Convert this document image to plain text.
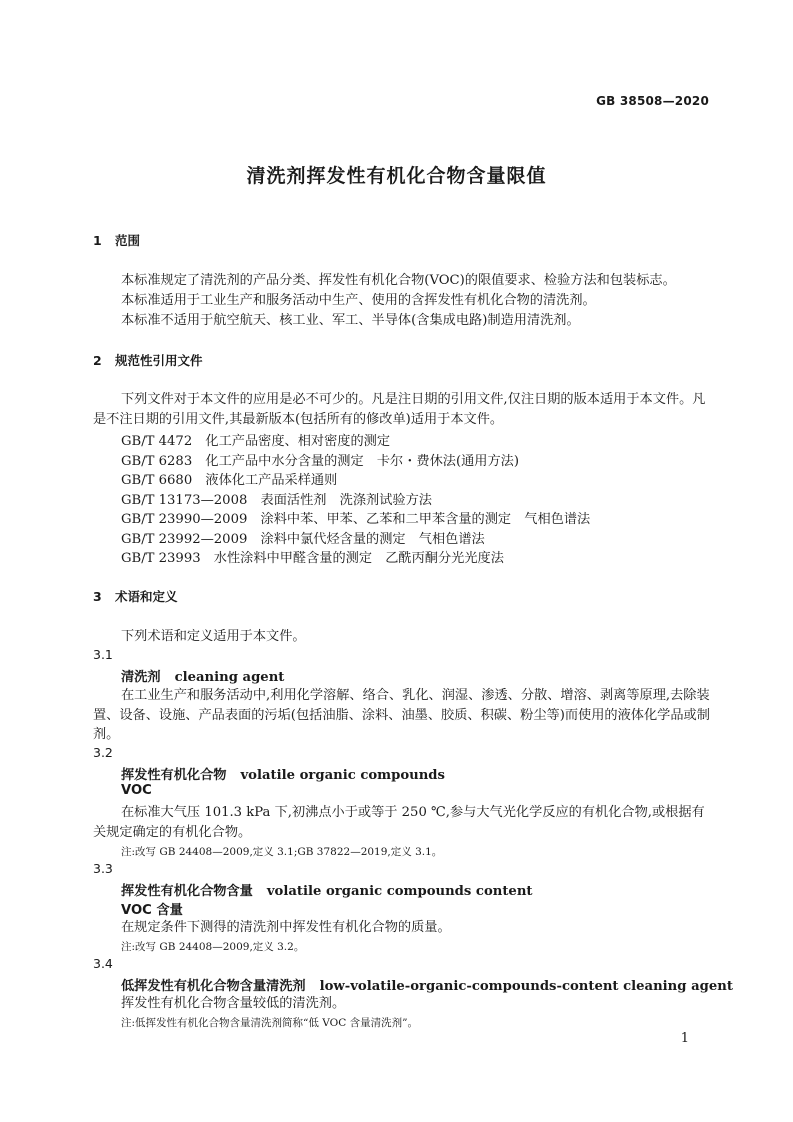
GB 38508—2020
清洗剂挥发性有机化合物含量限值
1 范围
本标准规定了清洗剂的产品分类、挥发性有机化合物(VOC)的限值要求、检验方法和包装标志。
本标准适用于工业生产和服务活动中生产、使用的含挥发性有机化合物的清洗剂。
本标准不适用于航空航天、核工业、军工、半导体(含集成电路)制造用清洗剂。
2 规范性引用文件
下列文件对于本文件的应用是必不可少的。凡是注日期的引用文件,仅注日期的版本适用于本文件。凡是不注日期的引用文件,其最新版本(包括所有的修改单)适用于本文件。
GB/T 4472　化工产品密度、相对密度的测定
GB/T 6283　化工产品中水分含量的测定　卡尔・费休法(通用方法)
GB/T 6680　液体化工产品采样通则
GB/T 13173—2008　表面活性剂　洗涤剂试验方法
GB/T 23990—2009　涂料中苯、甲苯、乙苯和二甲苯含量的测定　气相色谱法
GB/T 23992—2009　涂料中氯代烃含量的测定　气相色谱法
GB/T 23993　水性涂料中甲醛含量的测定　乙酰丙酮分光光度法
3 术语和定义
下列术语和定义适用于本文件。
3.1
清洗剂 cleaning agent
在工业生产和服务活动中,利用化学溶解、络合、乳化、润湿、渗透、分散、增溶、剥离等原理,去除装置、设备、设施、产品表面的污垢(包括油脂、涂料、油墨、胶质、积碳、粉尘等)而使用的液体化学品或制剂。
3.2
挥发性有机化合物 volatile organic compounds
VOC
在标准大气压 101.3 kPa 下,初沸点小于或等于 250 ℃,参与大气光化学反应的有机化合物,或根据有关规定确定的有机化合物。
注:改写 GB 24408—2009,定义 3.1;GB 37822—2019,定义 3.1。
3.3
挥发性有机化合物含量 volatile organic compounds content
VOC 含量
在规定条件下测得的清洗剂中挥发性有机化合物的质量。
注:改写 GB 24408—2009,定义 3.2。
3.4
低挥发性有机化合物含量清洗剂 low-volatile-organic-compounds-content cleaning agent
挥发性有机化合物含量较低的清洗剂。
注:低挥发性有机化合物含量清洗剂简称“低 VOC 含量清洗剂”。
1
